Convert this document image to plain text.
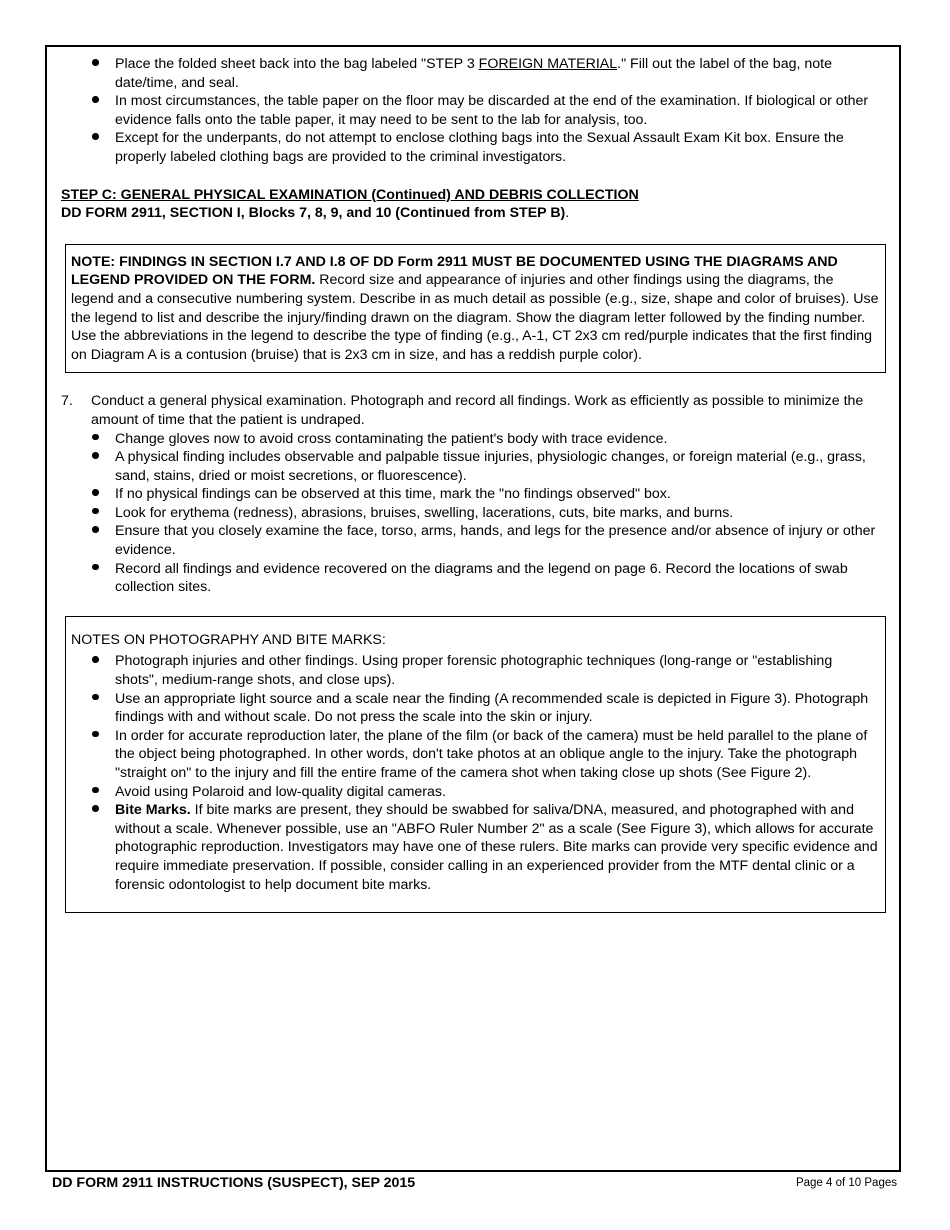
Place the folded sheet back into the bag labeled "STEP 3 FOREIGN MATERIAL." Fill out the label of the bag, note date/time, and seal.
In most circumstances, the table paper on the floor may be discarded at the end of the examination. If biological or other evidence falls onto the table paper, it may need to be sent to the lab for analysis, too.
Except for the underpants, do not attempt to enclose clothing bags into the Sexual Assault Exam Kit box. Ensure the properly labeled clothing bags are provided to the criminal investigators.
STEP C: GENERAL PHYSICAL EXAMINATION (Continued) AND DEBRIS COLLECTION
DD FORM 2911, SECTION I, Blocks 7, 8, 9, and 10 (Continued from STEP B).
NOTE: FINDINGS IN SECTION I.7 AND I.8 OF DD Form 2911 MUST BE DOCUMENTED USING THE DIAGRAMS AND LEGEND PROVIDED ON THE FORM. Record size and appearance of injuries and other findings using the diagrams, the legend and a consecutive numbering system. Describe in as much detail as possible (e.g., size, shape and color of bruises). Use the legend to list and describe the injury/finding drawn on the diagram. Show the diagram letter followed by the finding number. Use the abbreviations in the legend to describe the type of finding (e.g., A-1, CT 2x3 cm red/purple indicates that the first finding on Diagram A is a contusion (bruise) that is 2x3 cm in size, and has a reddish purple color).
7. Conduct a general physical examination. Photograph and record all findings. Work as efficiently as possible to minimize the amount of time that the patient is undraped.
Change gloves now to avoid cross contaminating the patient's body with trace evidence.
A physical finding includes observable and palpable tissue injuries, physiologic changes, or foreign material (e.g., grass, sand, stains, dried or moist secretions, or fluorescence).
If no physical findings can be observed at this time, mark the "no findings observed" box.
Look for erythema (redness), abrasions, bruises, swelling, lacerations, cuts, bite marks, and burns.
Ensure that you closely examine the face, torso, arms, hands, and legs for the presence and/or absence of injury or other evidence.
Record all findings and evidence recovered on the diagrams and the legend on page 6. Record the locations of swab collection sites.
NOTES ON PHOTOGRAPHY AND BITE MARKS:
Photograph injuries and other findings. Using proper forensic photographic techniques (long-range or "establishing shots", medium-range shots, and close ups).
Use an appropriate light source and a scale near the finding (A recommended scale is depicted in Figure 3). Photograph findings with and without scale. Do not press the scale into the skin or injury.
In order for accurate reproduction later, the plane of the film (or back of the camera) must be held parallel to the plane of the object being photographed. In other words, don't take photos at an oblique angle to the injury. Take the photograph "straight on" to the injury and fill the entire frame of the camera shot when taking close up shots (See Figure 2).
Avoid using Polaroid and low-quality digital cameras.
Bite Marks. If bite marks are present, they should be swabbed for saliva/DNA, measured, and photographed with and without a scale. Whenever possible, use an "ABFO Ruler Number 2" as a scale (See Figure 3), which allows for accurate photographic reproduction. Investigators may have one of these rulers. Bite marks can provide very specific evidence and require immediate preservation. If possible, consider calling in an experienced provider from the MTF dental clinic or a forensic odontologist to help document bite marks.
DD FORM 2911 INSTRUCTIONS (SUSPECT), SEP 2015	Page 4 of 10 Pages
